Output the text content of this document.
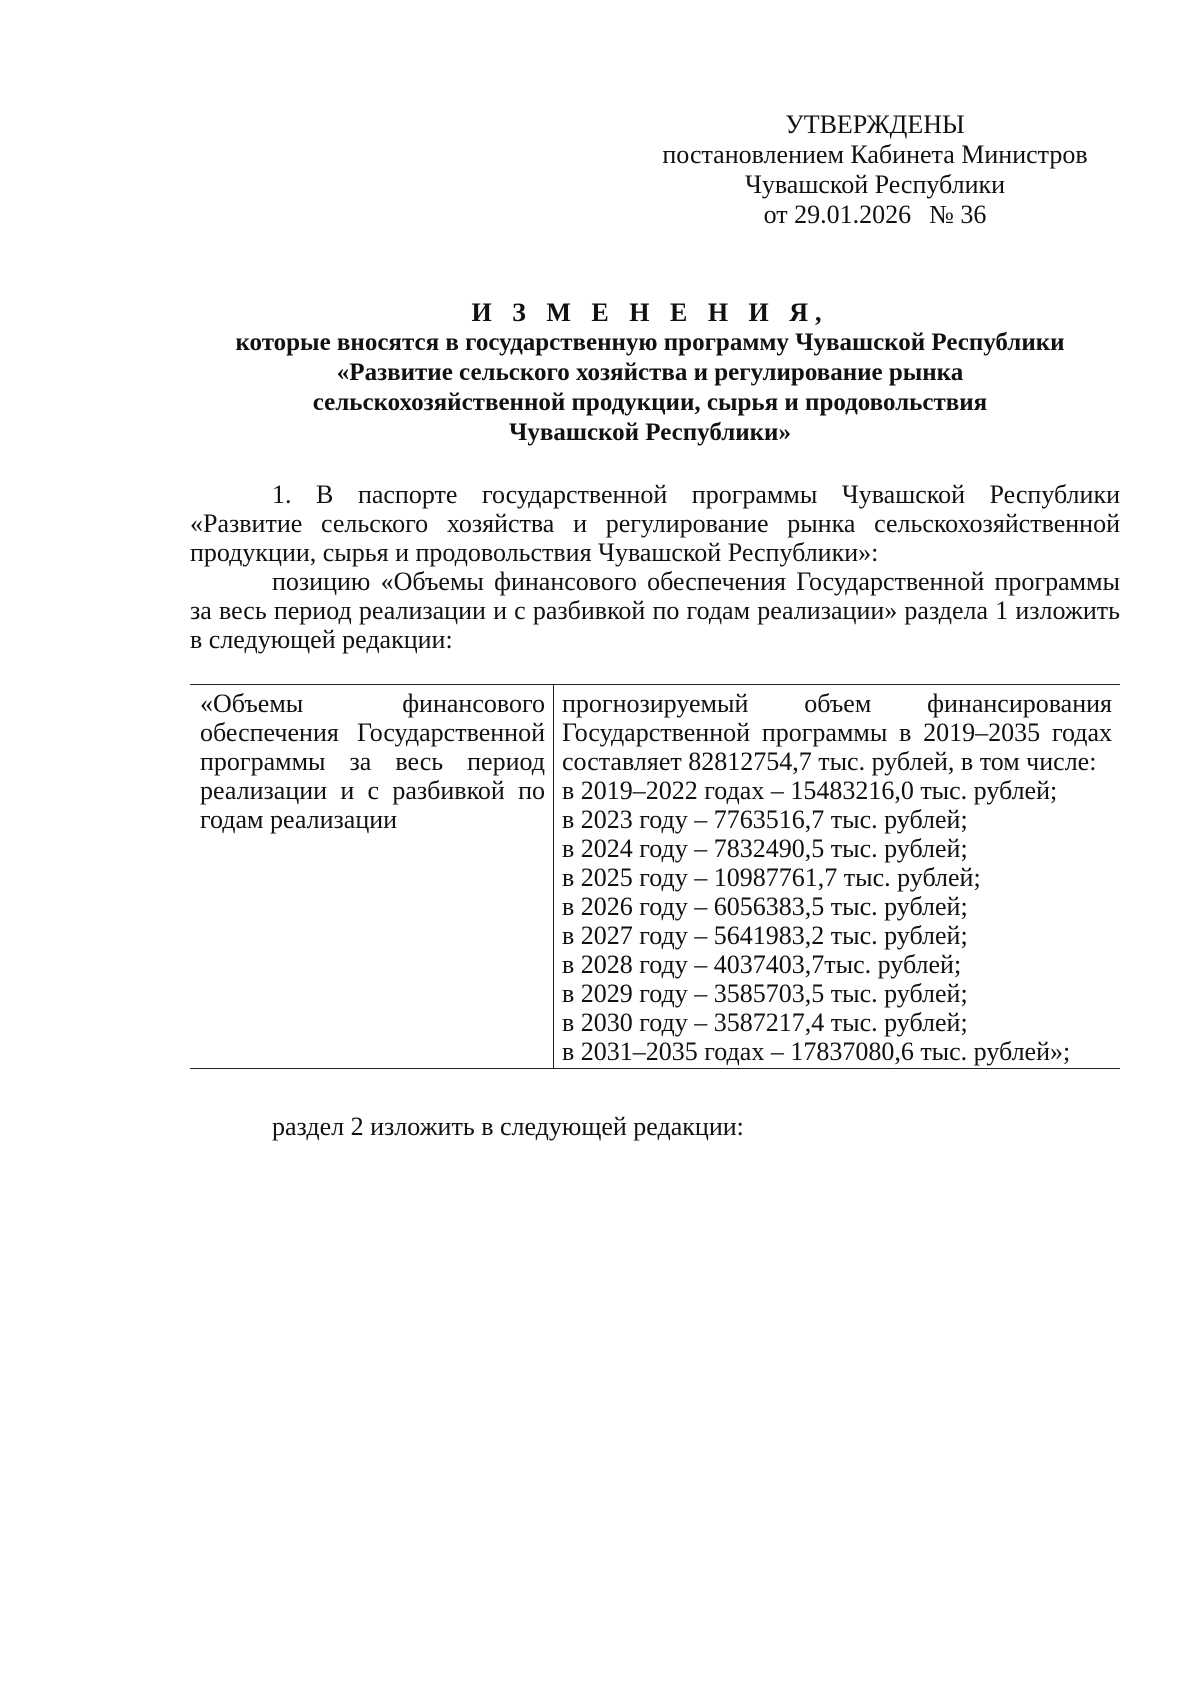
УТВЕРЖДЕНЫ
постановлением Кабинета Министров
Чувашской Республики
от 29.01.2026 № 36
И З М Е Н Е Н И Я,
которые вносятся в государственную программу Чувашской Республики
«Развитие сельского хозяйства и регулирование рынка
сельскохозяйственной продукции, сырья и продовольствия
Чувашской Республики»

1. В паспорте государственной программы Чувашской Республики «Развитие сельского хозяйства и регулирование рынка сельскохозяйственной продукции, сырья и продовольствия Чувашской Республики»:

позицию «Объемы финансового обеспечения Государственной программы за весь период реализации и с разбивкой по годам реализации» раздела 1 изложить в следующей редакции:

«Объемы финансового обеспечения Государственной программы за весь период реализации и с разбивкой по годам реализации	прогнозируемый объем финансирования Государственной программы в 2019–2035 годах составляет 82812754,7 тыс. рублей, в том числе:
в 2019–2022 годах – 15483216,0 тыс. рублей;
в 2023 году – 7763516,7 тыс. рублей;
в 2024 году – 7832490,5 тыс. рублей;
в 2025 году – 10987761,7 тыс. рублей;
в 2026 году – 6056383,5 тыс. рублей;
в 2027 году – 5641983,2 тыс. рублей;
в 2028 году – 4037403,7тыс. рублей;
в 2029 году – 3585703,5 тыс. рублей;
в 2030 году – 3587217,4 тыс. рублей;
в 2031–2035 годах – 17837080,6 тыс. рублей»;
раздел 2 изложить в следующей редакции:
